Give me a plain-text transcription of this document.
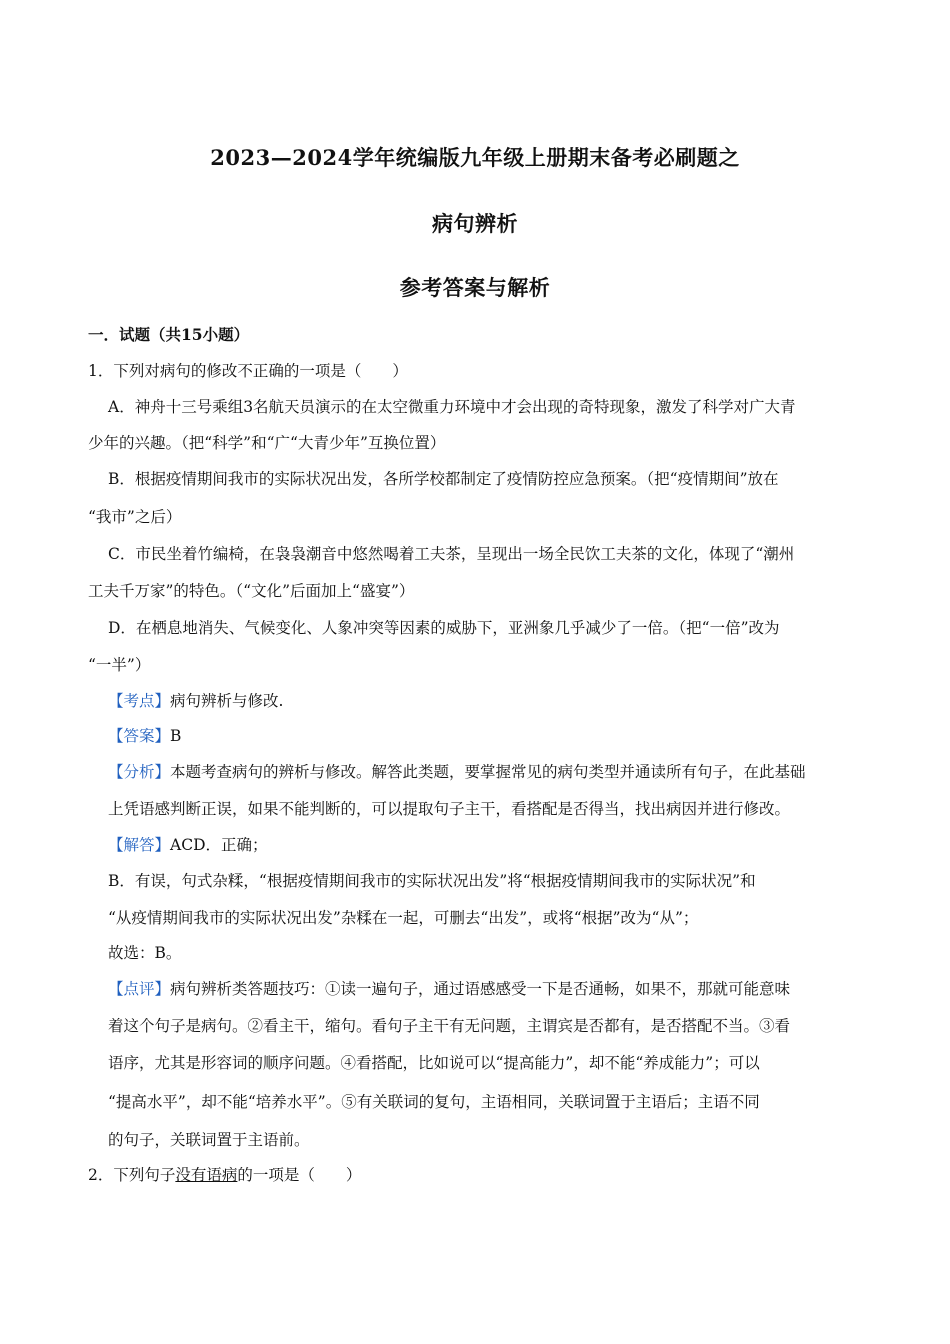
2023—2024学年统编版九年级上册期末备考必刷题之
病句辨析
参考答案与解析
一．试题（共15小题）
1．下列对病句的修改不正确的一项是（　　）
A．神舟十三号乘组3名航天员演示的在太空微重力环境中才会出现的奇特现象，激发了科学对广大青
少年的兴趣。（把“科学”和“广“大青少年”互换位置）
B．根据疫情期间我市的实际状况出发，各所学校都制定了疫情防控应急预案。（把“疫情期间”放在
“我市”之后）
C．市民坐着竹编椅，在袅袅潮音中悠然喝着工夫茶，呈现出一场全民饮工夫茶的文化，体现了“潮州
工夫千万家”的特色。（“文化”后面加上“盛宴”）
D．在栖息地消失、气候变化、人象冲突等因素的威胁下，亚洲象几乎减少了一倍。（把“一倍”改为
“一半”）
【考点】病句辨析与修改.
【答案】B
【分析】本题考查病句的辨析与修改。解答此类题，要掌握常见的病句类型并通读所有句子，在此基础
上凭语感判断正误，如果不能判断的，可以提取句子主干，看搭配是否得当，找出病因并进行修改。
【解答】ACD．正确；
B．有误，句式杂糅，“根据疫情期间我市的实际状况出发”将“根据疫情期间我市的实际状况”和
“从疫情期间我市的实际状况出发”杂糅在一起，可删去“出发”，或将“根据”改为“从”；
故选：B。
【点评】病句辨析类答题技巧：①读一遍句子，通过语感感受一下是否通畅，如果不，那就可能意味
着这个句子是病句。②看主干，缩句。看句子主干有无问题，主谓宾是否都有，是否搭配不当。③看
语序，尤其是形容词的顺序问题。④看搭配，比如说可以“提高能力”，却不能“养成能力”；可以
“提高水平”，却不能“培养水平”。⑤有关联词的复句，主语相同，关联词置于主语后；主语不同
的句子，关联词置于主语前。
2．下列句子没有语病的一项是（　　）
